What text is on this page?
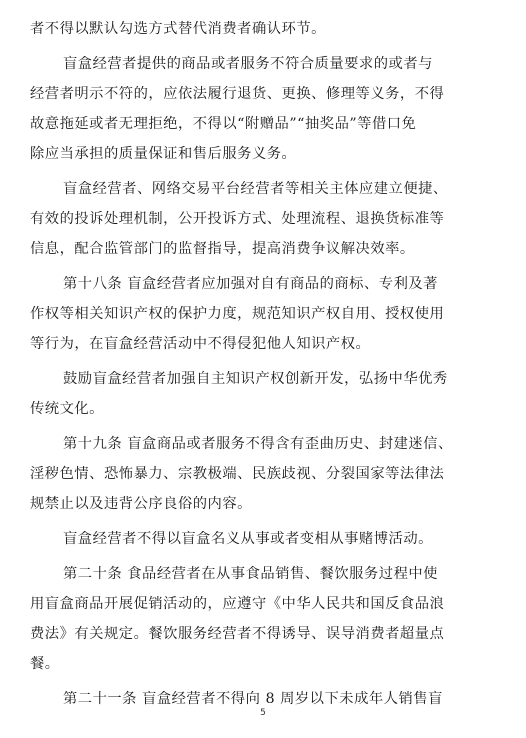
者不得以默认勾选方式替代消费者确认环节。

盲盒经营者提供的商品或者服务不符合质量要求的或者与
经营者明示不符的，应依法履行退货、更换、修理等义务，不得
故意拖延或者无理拒绝，不得以“附赠品”“抽奖品”等借口免
除应当承担的质量保证和售后服务义务。

盲盒经营者、网络交易平台经营者等相关主体应建立便捷、
有效的投诉处理机制，公开投诉方式、处理流程、退换货标准等
信息，配合监管部门的监督指导，提高消费争议解决效率。

第十八条 盲盒经营者应加强对自有商品的商标、专利及著
作权等相关知识产权的保护力度，规范知识产权自用、授权使用
等行为，在盲盒经营活动中不得侵犯他人知识产权。

鼓励盲盒经营者加强自主知识产权创新开发，弘扬中华优秀
传统文化。

第十九条 盲盒商品或者服务不得含有歪曲历史、封建迷信、
淫秽色情、恐怖暴力、宗教极端、民族歧视、分裂国家等法律法
规禁止以及违背公序良俗的内容。

盲盒经营者不得以盲盒名义从事或者变相从事赌博活动。

第二十条 食品经营者在从事食品销售、餐饮服务过程中使
用盲盒商品开展促销活动的，应遵守《中华人民共和国反食品浪
费法》有关规定。餐饮服务经营者不得诱导、误导消费者超量点
餐。

第二十一条 盲盒经营者不得向 8 周岁以下未成年人销售盲

5
